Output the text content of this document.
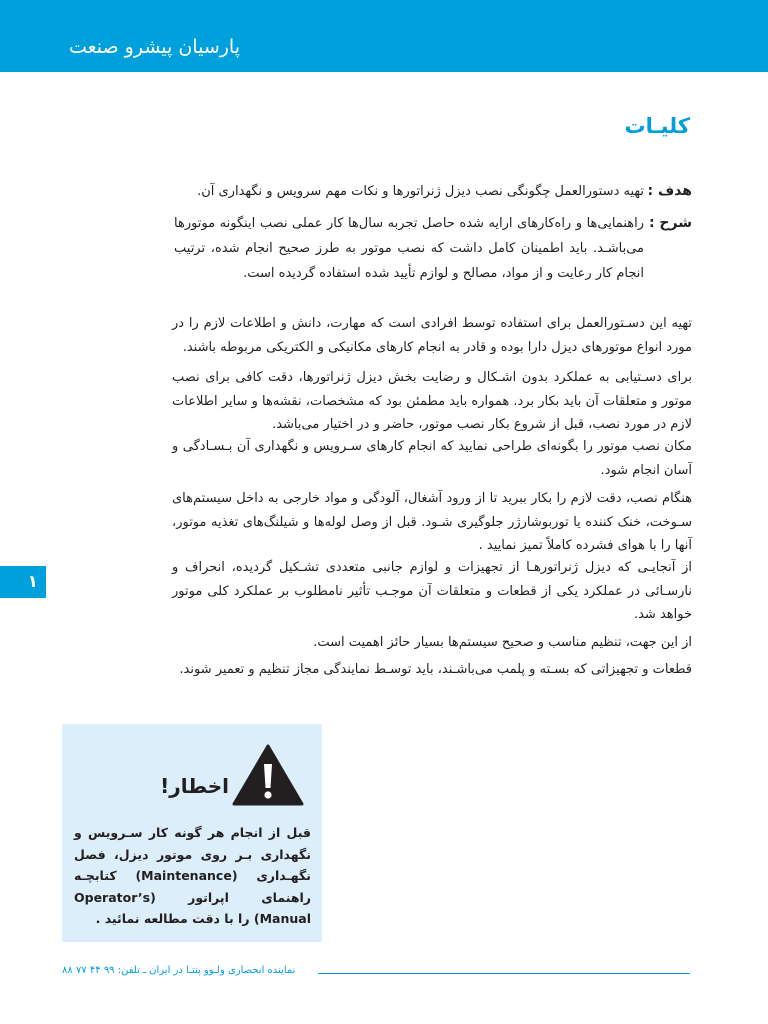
پارسیان پیشرو صنعت
کلیـات
هدف :
تهیه دستورالعمل چگونگی نصب دیزل ژنراتورها و نکات مهم سرویس و نگهداری آن.
شرح :
راهنمایی‌ها و راه‌کارهای ارایه شده حاصل تجربه سال‌ها کار عملی نصب اینگونه موتورها می‌باشـد. باید اطمینان کامل داشت که نصب موتور به طرز صحیح انجام شده، ترتیب انجام کار رعایت و از مواد، مصالح و لوازم تأیید شده استفاده گردیده است.
تهیه این دسـتورالعمل برای استفاده توسط افرادی است که مهارت، دانش و اطلاعات لازم را در مورد انواع موتورهای دیزل دارا بوده و قادر به انجام کارهای مکانیکی و الکتریکی مربوطه باشند.
برای دسـتیابی به عملکرد بدون اشـکال و رضایت بخش دیزل ژنراتورها، دقت کافی برای نصب موتور و متعلقات آن باید بکار برد. همواره باید مطمئن بود که مشخصات، نقشه‌ها و سایر اطلاعات لازم در مورد نصب، قبل از شروع بکار نصب موتور، حاضر و در اختیار می‌باشد.
مکان نصب موتور را بگونه‌ای طراحی نمایید که انجام کارهای سـرویس و نگهداری آن بـسـادگی و آسان انجام شود.
هنگام نصب، دقت لازم را بکار ببرید تا از ورود آشغال، آلودگی و مواد خارجی به داخل سیستم‌های سـوخت، خنک کننده یا توربوشارژر جلوگیری شـود. قبل از وصل لوله‌ها و شیلنگ‌های تغذیه موتور، آنها را با هوای فشرده کاملاً تمیز نمایید .
از آنجایـی که دیزل ژنراتورهـا از تجهیزات و لوازم جانبی متعددی تشـکیل گردیده، انحراف و نارسـائی در عملکرد یکی از قطعات و متعلقات آن موجـب تأثیر نامطلوب بر عملکرد کلی موتور خواهد شد.
از این جهت، تنظیم مناسب و صحیح سیستم‌ها بسیار حائز اهمیت است.
قطعات و تجهیزاتی که بسـته و پلمب می‌باشـند، باید توسـط نمایندگی مجاز تنظیم و تعمیر شوند.
١
اخطار!
قبل از انجام هر گونه کار سـرویس و نگهداری بـر روی موتور دیزل، فصل نگهـداری (Maintenance) کتابچـه راهنمای اپراتور (Operator’s Manual) را با دقت مطالعه نمائید .
نماینده انحصاری ولـوو پنتـا در ایران ـ تلفن: ۹۹ ۴۴ ۷۷ ۸۸
